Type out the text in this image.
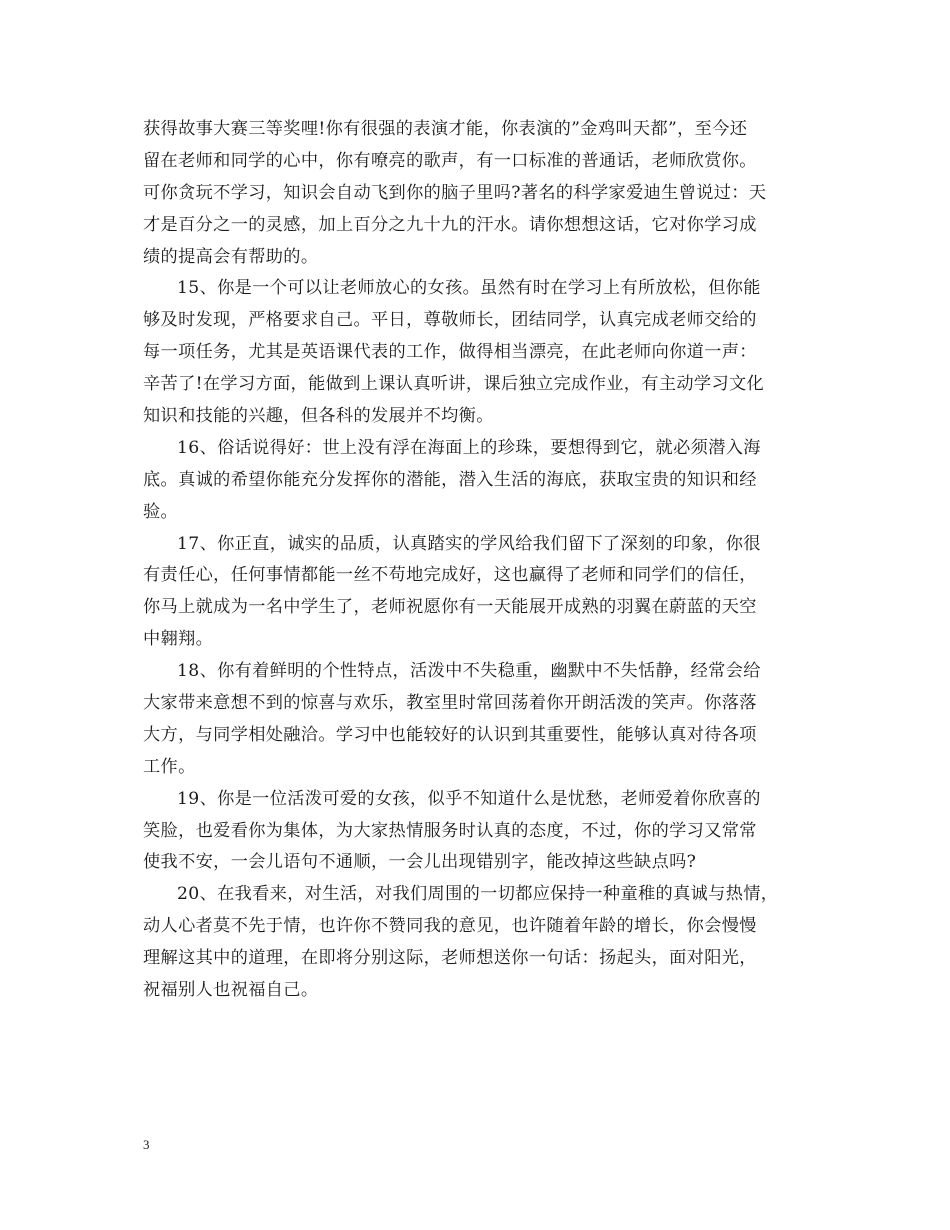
获得故事大赛三等奖哩!你有很强的表演才能，你表演的”金鸡叫天都”，至今还
留在老师和同学的心中，你有嘹亮的歌声，有一口标准的普通话，老师欣赏你。
可你贪玩不学习，知识会自动飞到你的脑子里吗?著名的科学家爱迪生曾说过：天
才是百分之一的灵感，加上百分之九十九的汗水。请你想想这话，它对你学习成
绩的提高会有帮助的。
15、你是一个可以让老师放心的女孩。虽然有时在学习上有所放松，但你能
够及时发现，严格要求自己。平日，尊敬师长，团结同学，认真完成老师交给的
每一项任务，尤其是英语课代表的工作，做得相当漂亮，在此老师向你道一声：
辛苦了!在学习方面，能做到上课认真听讲，课后独立完成作业，有主动学习文化
知识和技能的兴趣，但各科的发展并不均衡。
16、俗话说得好：世上没有浮在海面上的珍珠，要想得到它，就必须潜入海
底。真诚的希望你能充分发挥你的潜能，潜入生活的海底，获取宝贵的知识和经
验。
17、你正直，诚实的品质，认真踏实的学风给我们留下了深刻的印象，你很
有责任心，任何事情都能一丝不苟地完成好，这也赢得了老师和同学们的信任，
你马上就成为一名中学生了，老师祝愿你有一天能展开成熟的羽翼在蔚蓝的天空
中翱翔。
18、你有着鲜明的个性特点，活泼中不失稳重，幽默中不失恬静，经常会给
大家带来意想不到的惊喜与欢乐，教室里时常回荡着你开朗活泼的笑声。你落落
大方，与同学相处融洽。学习中也能较好的认识到其重要性，能够认真对待各项
工作。
19、你是一位活泼可爱的女孩，似乎不知道什么是忧愁，老师爱着你欣喜的
笑脸，也爱看你为集体，为大家热情服务时认真的态度，不过，你的学习又常常
使我不安，一会儿语句不通顺，一会儿出现错别字，能改掉这些缺点吗?
20、在我看来，对生活，对我们周围的一切都应保持一种童稚的真诚与热情，
动人心者莫不先于情，也许你不赞同我的意见，也许随着年龄的增长，你会慢慢
理解这其中的道理，在即将分别这际，老师想送你一句话：扬起头，面对阳光，
祝福别人也祝福自己。
3
